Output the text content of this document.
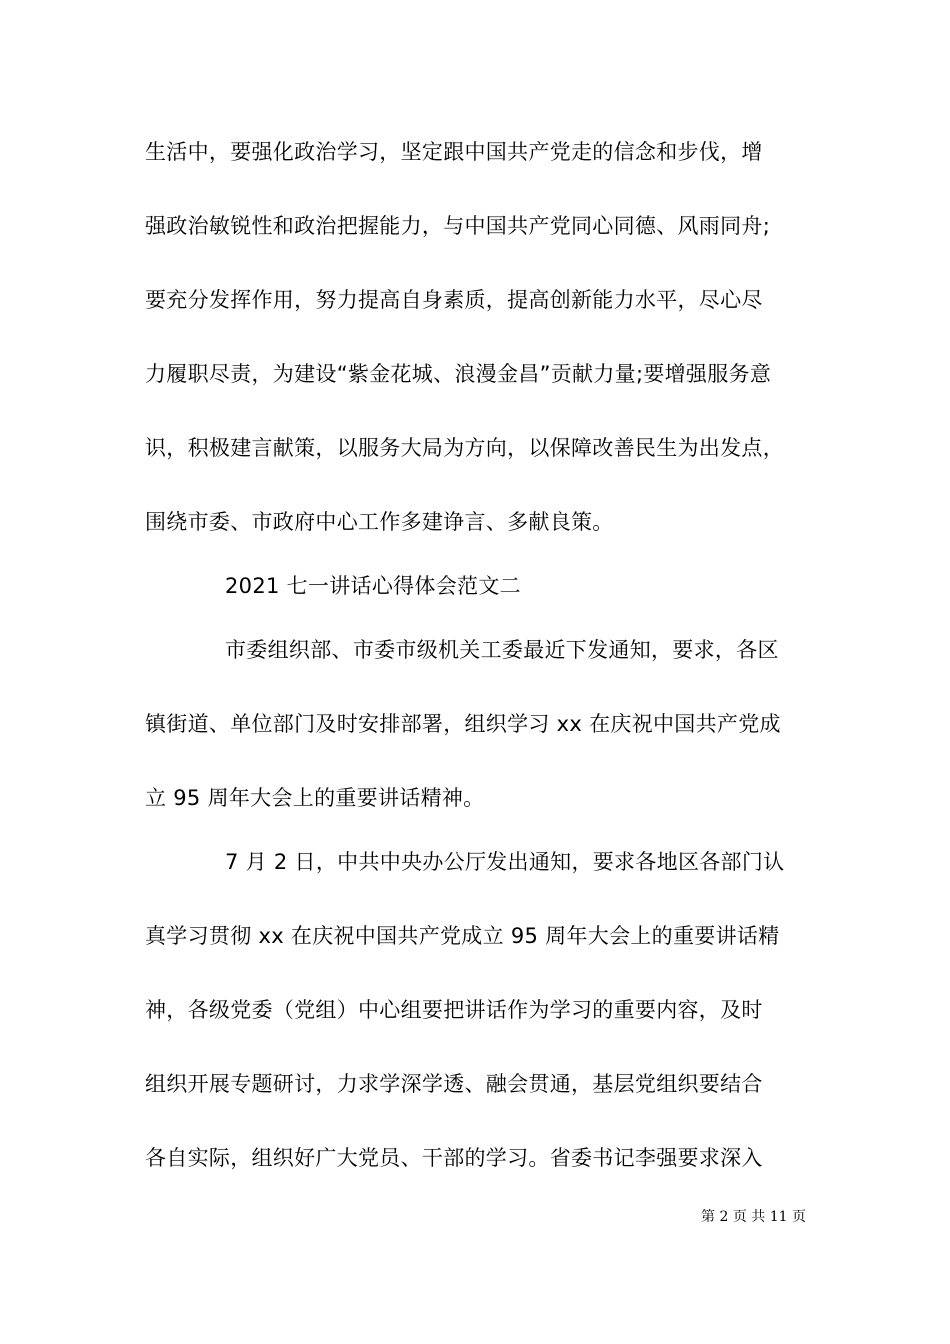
生活中，要强化政治学习，坚定跟中国共产党走的信念和步伐，增
强政治敏锐性和政治把握能力，与中国共产党同心同德、风雨同舟;
要充分发挥作用，努力提高自身素质，提高创新能力水平，尽心尽
力履职尽责，为建设“紫金花城、浪漫金昌”贡献力量;要增强服务意
识，积极建言献策，以服务大局为方向，以保障改善民生为出发点，
围绕市委、市政府中心工作多建诤言、多献良策。
2021 七一讲话心得体会范文二
市委组织部、市委市级机关工委最近下发通知，要求，各区
镇街道、单位部门及时安排部署，组织学习 xx 在庆祝中国共产党成
立 95 周年大会上的重要讲话精神。
7 月 2 日，中共中央办公厅发出通知，要求各地区各部门认
真学习贯彻 xx 在庆祝中国共产党成立 95 周年大会上的重要讲话精
神，各级党委（党组）中心组要把讲话作为学习的重要内容，及时
组织开展专题研讨，力求学深学透、融会贯通，基层党组织要结合
各自实际，组织好广大党员、干部的学习。省委书记李强要求深入
第 2 页 共 11 页
